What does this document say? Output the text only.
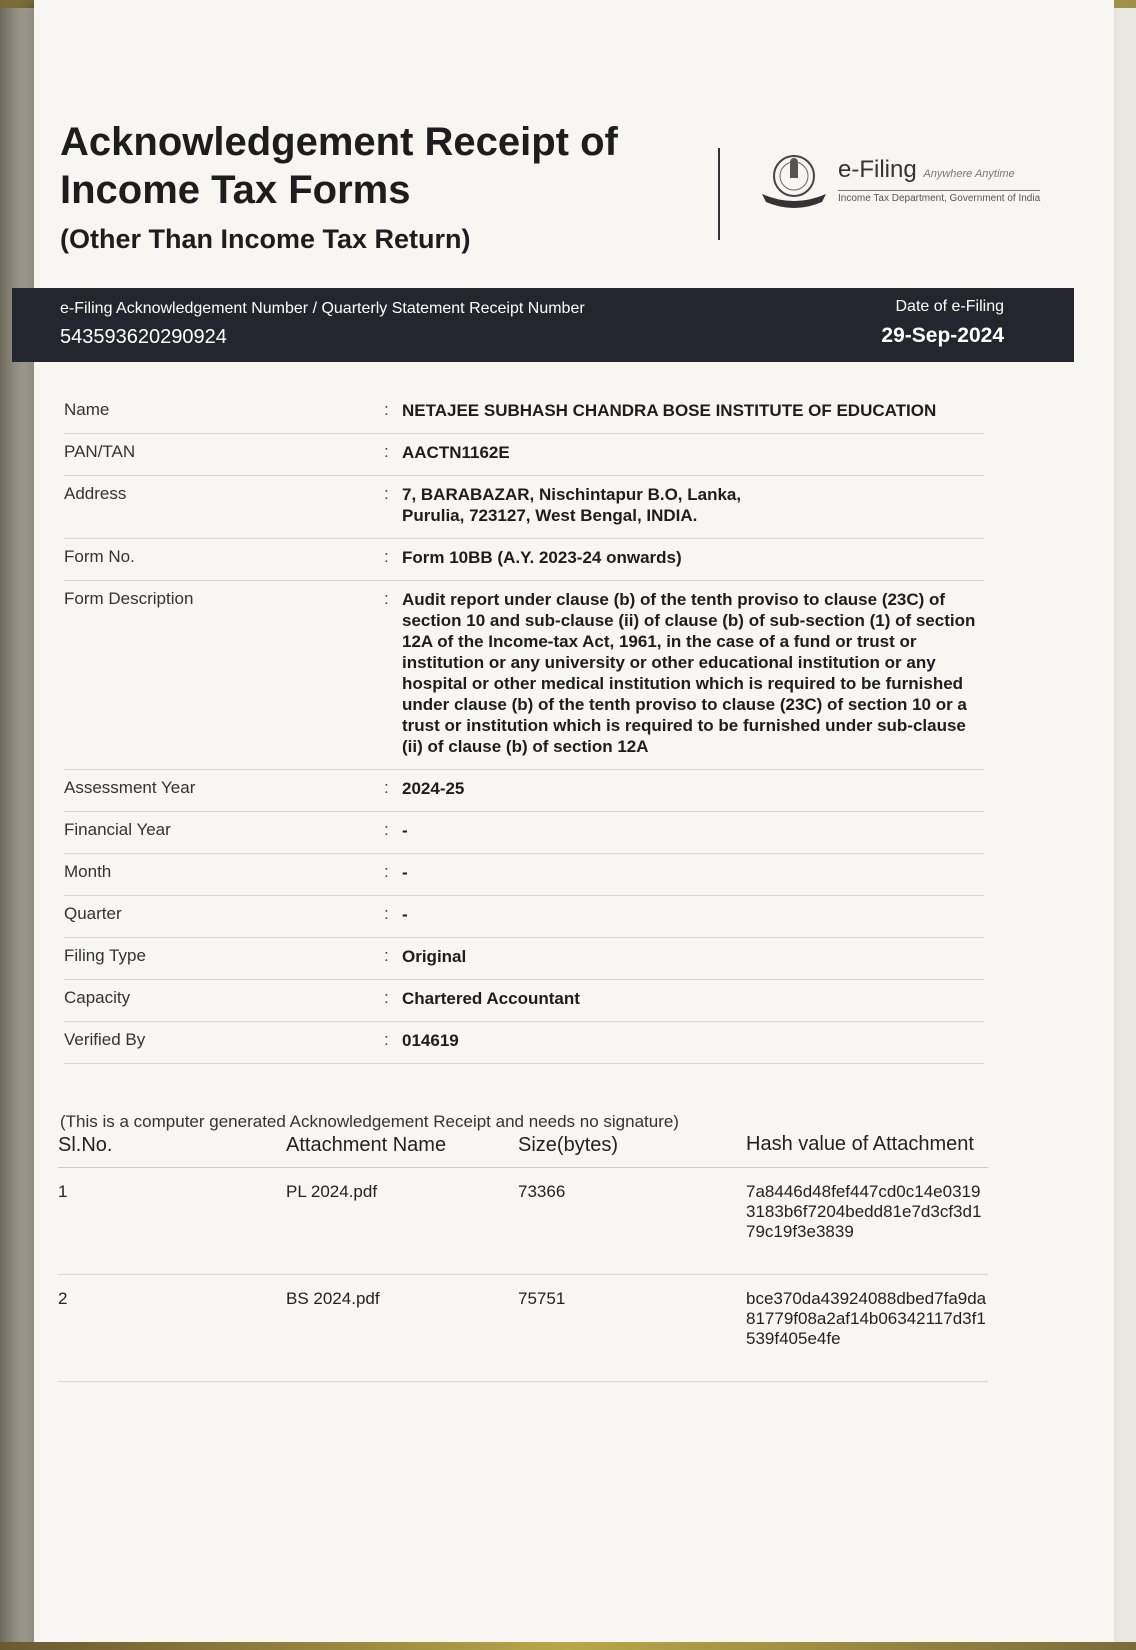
Acknowledgement Receipt of Income Tax Forms
(Other Than Income Tax Return)
e-Filing Anywhere Anytime
Income Tax Department, Government of India
e-Filing Acknowledgement Number / Quarterly Statement Receipt Number
543593620290924
Date of e-Filing
29-Sep-2024
Name	: NETAJEE SUBHASH CHANDRA BOSE INSTITUTE OF EDUCATION
PAN/TAN	: AACTN1162E
Address	: 7, BARABAZAR, Nischintapur B.O, Lanka,
Purulia, 723127, West Bengal, INDIA.
Form No.	: Form 10BB (A.Y. 2023-24 onwards)
Form Description	: Audit report under clause (b) of the tenth proviso to clause (23C) of section 10 and sub-clause (ii) of clause (b) of sub-section (1) of section 12A of the Income-tax Act, 1961, in the case of a fund or trust or institution or any university or other educational institution or any hospital or other medical institution which is required to be furnished under clause (b) of the tenth proviso to clause (23C) of section 10 or a trust or institution which is required to be furnished under sub-clause (ii) of clause (b) of section 12A
Assessment Year	: 2024-25
Financial Year	: -
Month	: -
Quarter	: -
Filing Type	: Original
Capacity	: Chartered Accountant
Verified By	: 014619
(This is a computer generated Acknowledgement Receipt and needs no signature)
Sl.No.	Attachment Name	Size(bytes)	Hash value of Attachment
1	PL 2024.pdf	73366	7a8446d48fef447cd0c14e03193183b6f7204bedd81e7d3cf3d179c19f3e3839
2	BS 2024.pdf	75751	bce370da43924088dbed7fa9da81779f08a2af14b06342117d3f1539f405e4fe
